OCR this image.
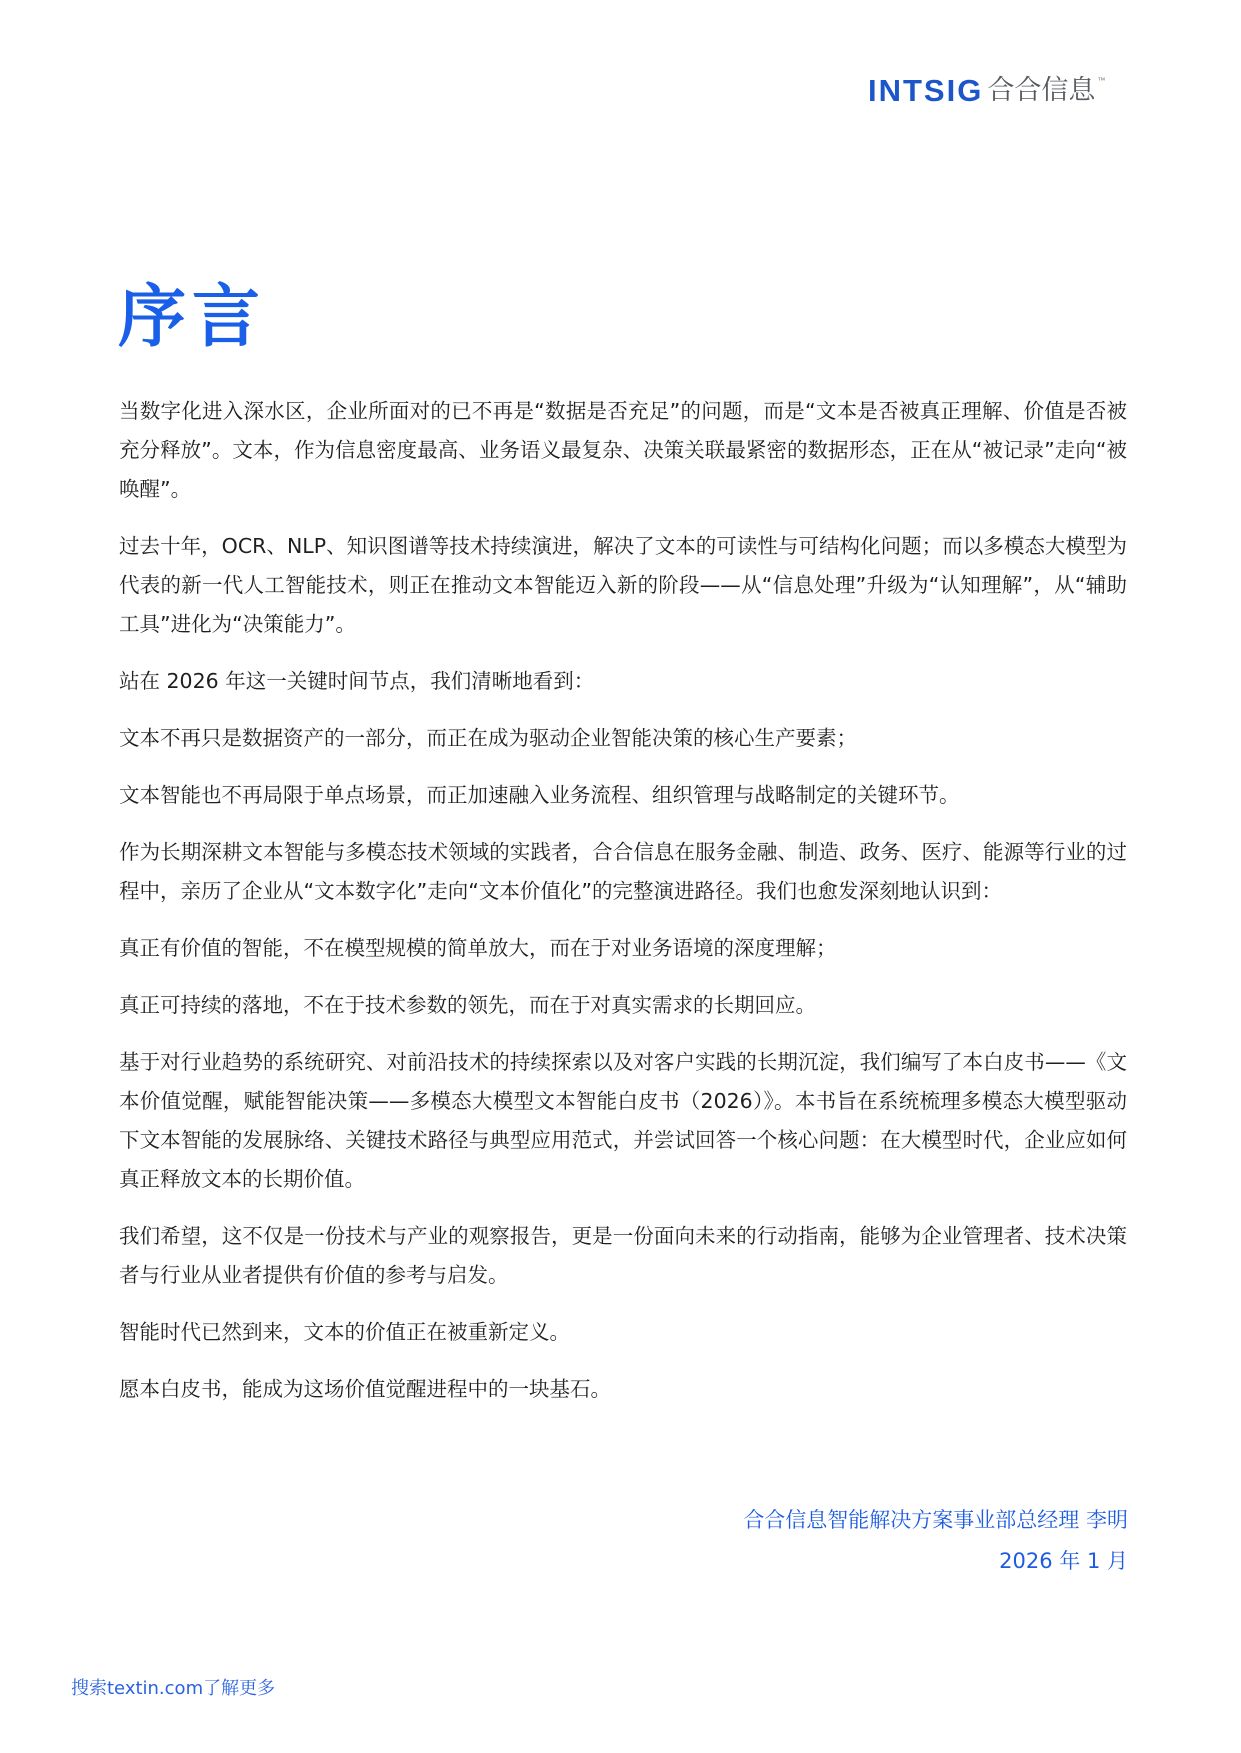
INTSIG 合合信息 ™
序言

当数字化进入深水区，企业所面对的已不再是“数据是否充足”的问题，而是“文本是否被真正理解、价值是否被充分释放”。文本，作为信息密度最高、业务语义最复杂、决策关联最紧密的数据形态，正在从“被记录”走向“被唤醒”。

过去十年，OCR、NLP、知识图谱等技术持续演进，解决了文本的可读性与可结构化问题；而以多模态大模型为代表的新一代人工智能技术，则正在推动文本智能迈入新的阶段——从“信息处理”升级为“认知理解”，从“辅助工具”进化为“决策能力”。

站在 2026 年这一关键时间节点，我们清晰地看到：

文本不再只是数据资产的一部分，而正在成为驱动企业智能决策的核心生产要素；

文本智能也不再局限于单点场景，而正加速融入业务流程、组织管理与战略制定的关键环节。

作为长期深耕文本智能与多模态技术领域的实践者，合合信息在服务金融、制造、政务、医疗、能源等行业的过程中，亲历了企业从“文本数字化”走向“文本价值化”的完整演进路径。我们也愈发深刻地认识到：

真正有价值的智能，不在模型规模的简单放大，而在于对业务语境的深度理解；

真正可持续的落地，不在于技术参数的领先，而在于对真实需求的长期回应。

基于对行业趋势的系统研究、对前沿技术的持续探索以及对客户实践的长期沉淀，我们编写了本白皮书——《文本价值觉醒，赋能智能决策——多模态大模型文本智能白皮书（2026）》。本书旨在系统梳理多模态大模型驱动下文本智能的发展脉络、关键技术路径与典型应用范式，并尝试回答一个核心问题：在大模型时代，企业应如何真正释放文本的长期价值。

我们希望，这不仅是一份技术与产业的观察报告，更是一份面向未来的行动指南，能够为企业管理者、技术决策者与行业从业者提供有价值的参考与启发。

智能时代已然到来，文本的价值正在被重新定义。

愿本白皮书，能成为这场价值觉醒进程中的一块基石。

合合信息智能解决方案事业部总经理 李明
2026 年 1 月
搜索textin.com了解更多
